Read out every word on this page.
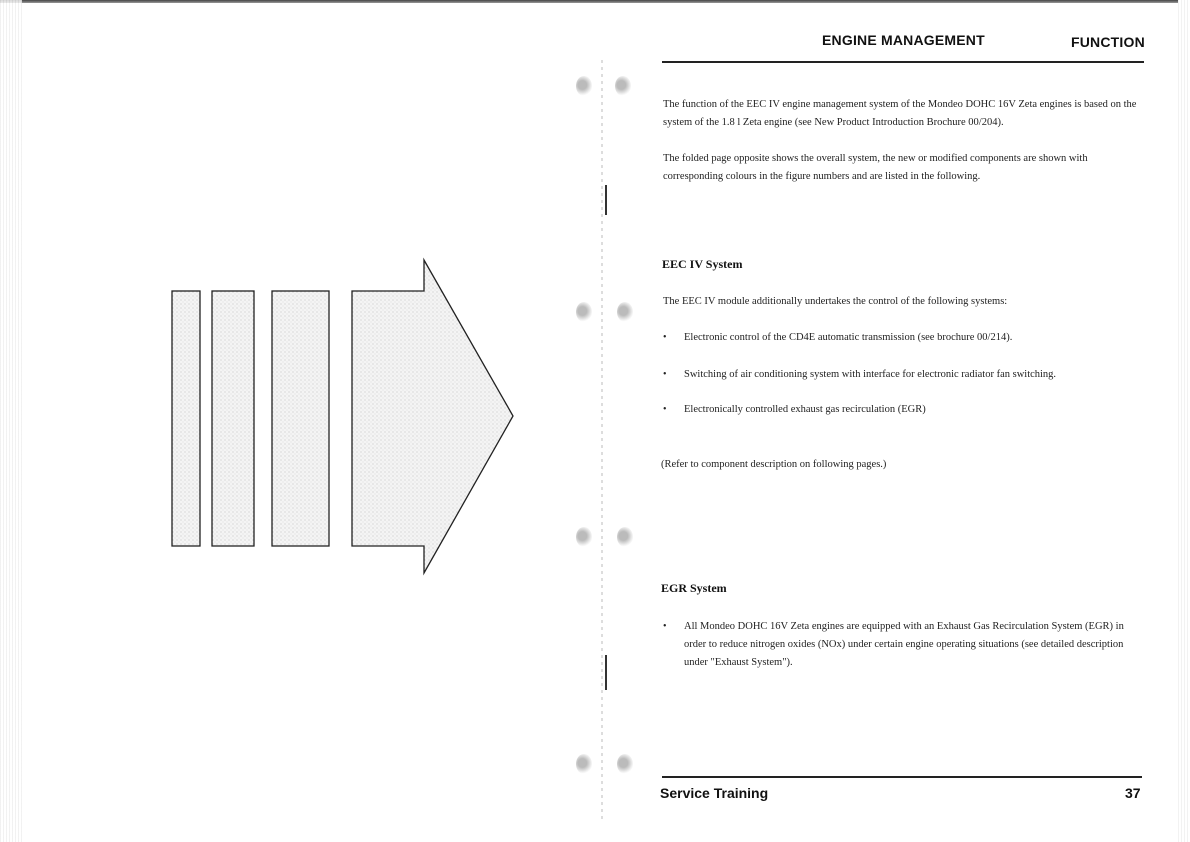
ENGINE MANAGEMENT	FUNCTION
The function of the EEC IV engine management system of the Mondeo DOHC 16V Zeta engines is based on the system of the 1.8 l Zeta engine (see New Product Introduction Brochure 00/204).
The folded page opposite shows the overall system, the new or modified components are shown with corresponding colours in the figure numbers and are listed in the following.
EEC IV System
The EEC IV module additionally undertakes the control of the following systems:
•	Electronic control of the CD4E automatic transmission (see brochure 00/214).
•	Switching of air conditioning system with interface for electronic radiator fan switching.
•	Electronically controlled exhaust gas recirculation (EGR)
(Refer to component description on following pages.)
EGR System
•	All Mondeo DOHC 16V Zeta engines are equipped with an Exhaust Gas Recirculation System (EGR) in order to reduce nitrogen oxides (NOx) under certain engine operating situations (see detailed description under "Exhaust System").
Service Training	37
